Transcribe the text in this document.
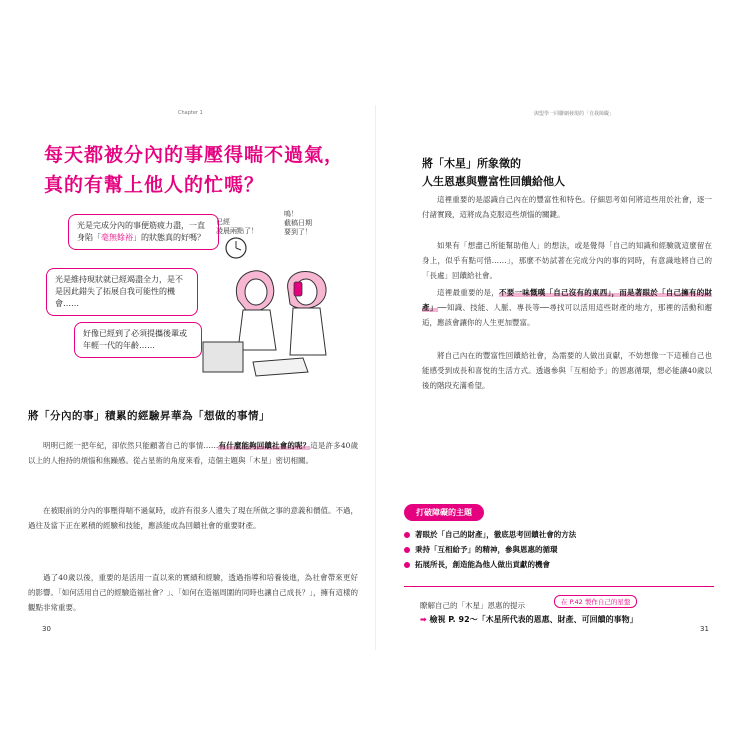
Chapter 1
每天都被分內的事壓得喘不過氣，
真的有幫上他人的忙嗎？
光是完成分內的事便筋疲力盡，一直身陷「毫無餘裕」的狀態真的好嗎？
光是維持現狀就已經竭盡全力，是不是因此錯失了拓展自我可能性的機會……
好像已經到了必須提攜後輩或年輕一代的年齡……
已經
凌晨兩點了！
嗚！
截稿日期
要到了！
將「分內的事」積累的經驗昇華為「想做的事情」
明明已經一把年紀，卻依然只能顧著自己的事情……有什麼能夠回饋社會的呢？這是許多40歲以上的人抱持的煩惱和焦躁感。從占星術的角度來看，這個主題與「木星」密切相關。
在被眼前的分內的事壓得喘不過氣時，或許有很多人遺失了現在所做之事的意義和價值。不過，過往及當下正在累積的經驗和技能，應該能成為回饋社會的重要財產。
過了40歲以後，重要的是活用一直以來的實績和經驗，透過指導和培養後進，為社會帶來更好的影響。「如何活用自己的經驗造福社會？」、「如何在造福周圍的同時也讓自己成長？」，擁有這樣的觀點非常重要。
30
與盟學一同聯網發現的「自我障礙」
將「木星」所象徵的
人生恩惠與豐富性回饋給他人
這裡重要的是認識自己內在的豐富性和特色。仔細思考如何將這些用於社會，逐一付諸實踐，這將成為克服這些煩惱的關鍵。
如果有「想盡己所能幫助他人」的想法，或是覺得「自己的知識和經驗就這麼留在身上，似乎有點可惜……」，那麼不妨試著在完成分內的事的同時，有意識地將自己的「長處」回饋給社會。
這裡最重要的是，不要一味慨嘆「自己沒有的東西」，而是著眼於「自己擁有的財產」──知識、技能、人脈、專長等──尋找可以活用這些財產的地方，那裡的活動和邂逅，應該會讓你的人生更加豐富。
將自己內在的豐富性回饋給社會，為需要的人做出貢獻，不妨想像一下這種自己也能感受到成長和喜悅的生活方式。透過參與「互相給予」的恩惠循環，想必能讓40歲以後的階段充滿希望。
打破障礙的主題
著眼於「自己的財產」，徹底思考回饋社會的方法
秉持「互相給予」的精神，參與恩惠的循環
拓展所長，創造能為他人做出貢獻的機會
瞭解自己的「木星」恩惠的提示	在 P.42 製作自己的星盤
➡ 檢視 P. 92～「木星所代表的恩惠、財產、可回饋的事物」
31
